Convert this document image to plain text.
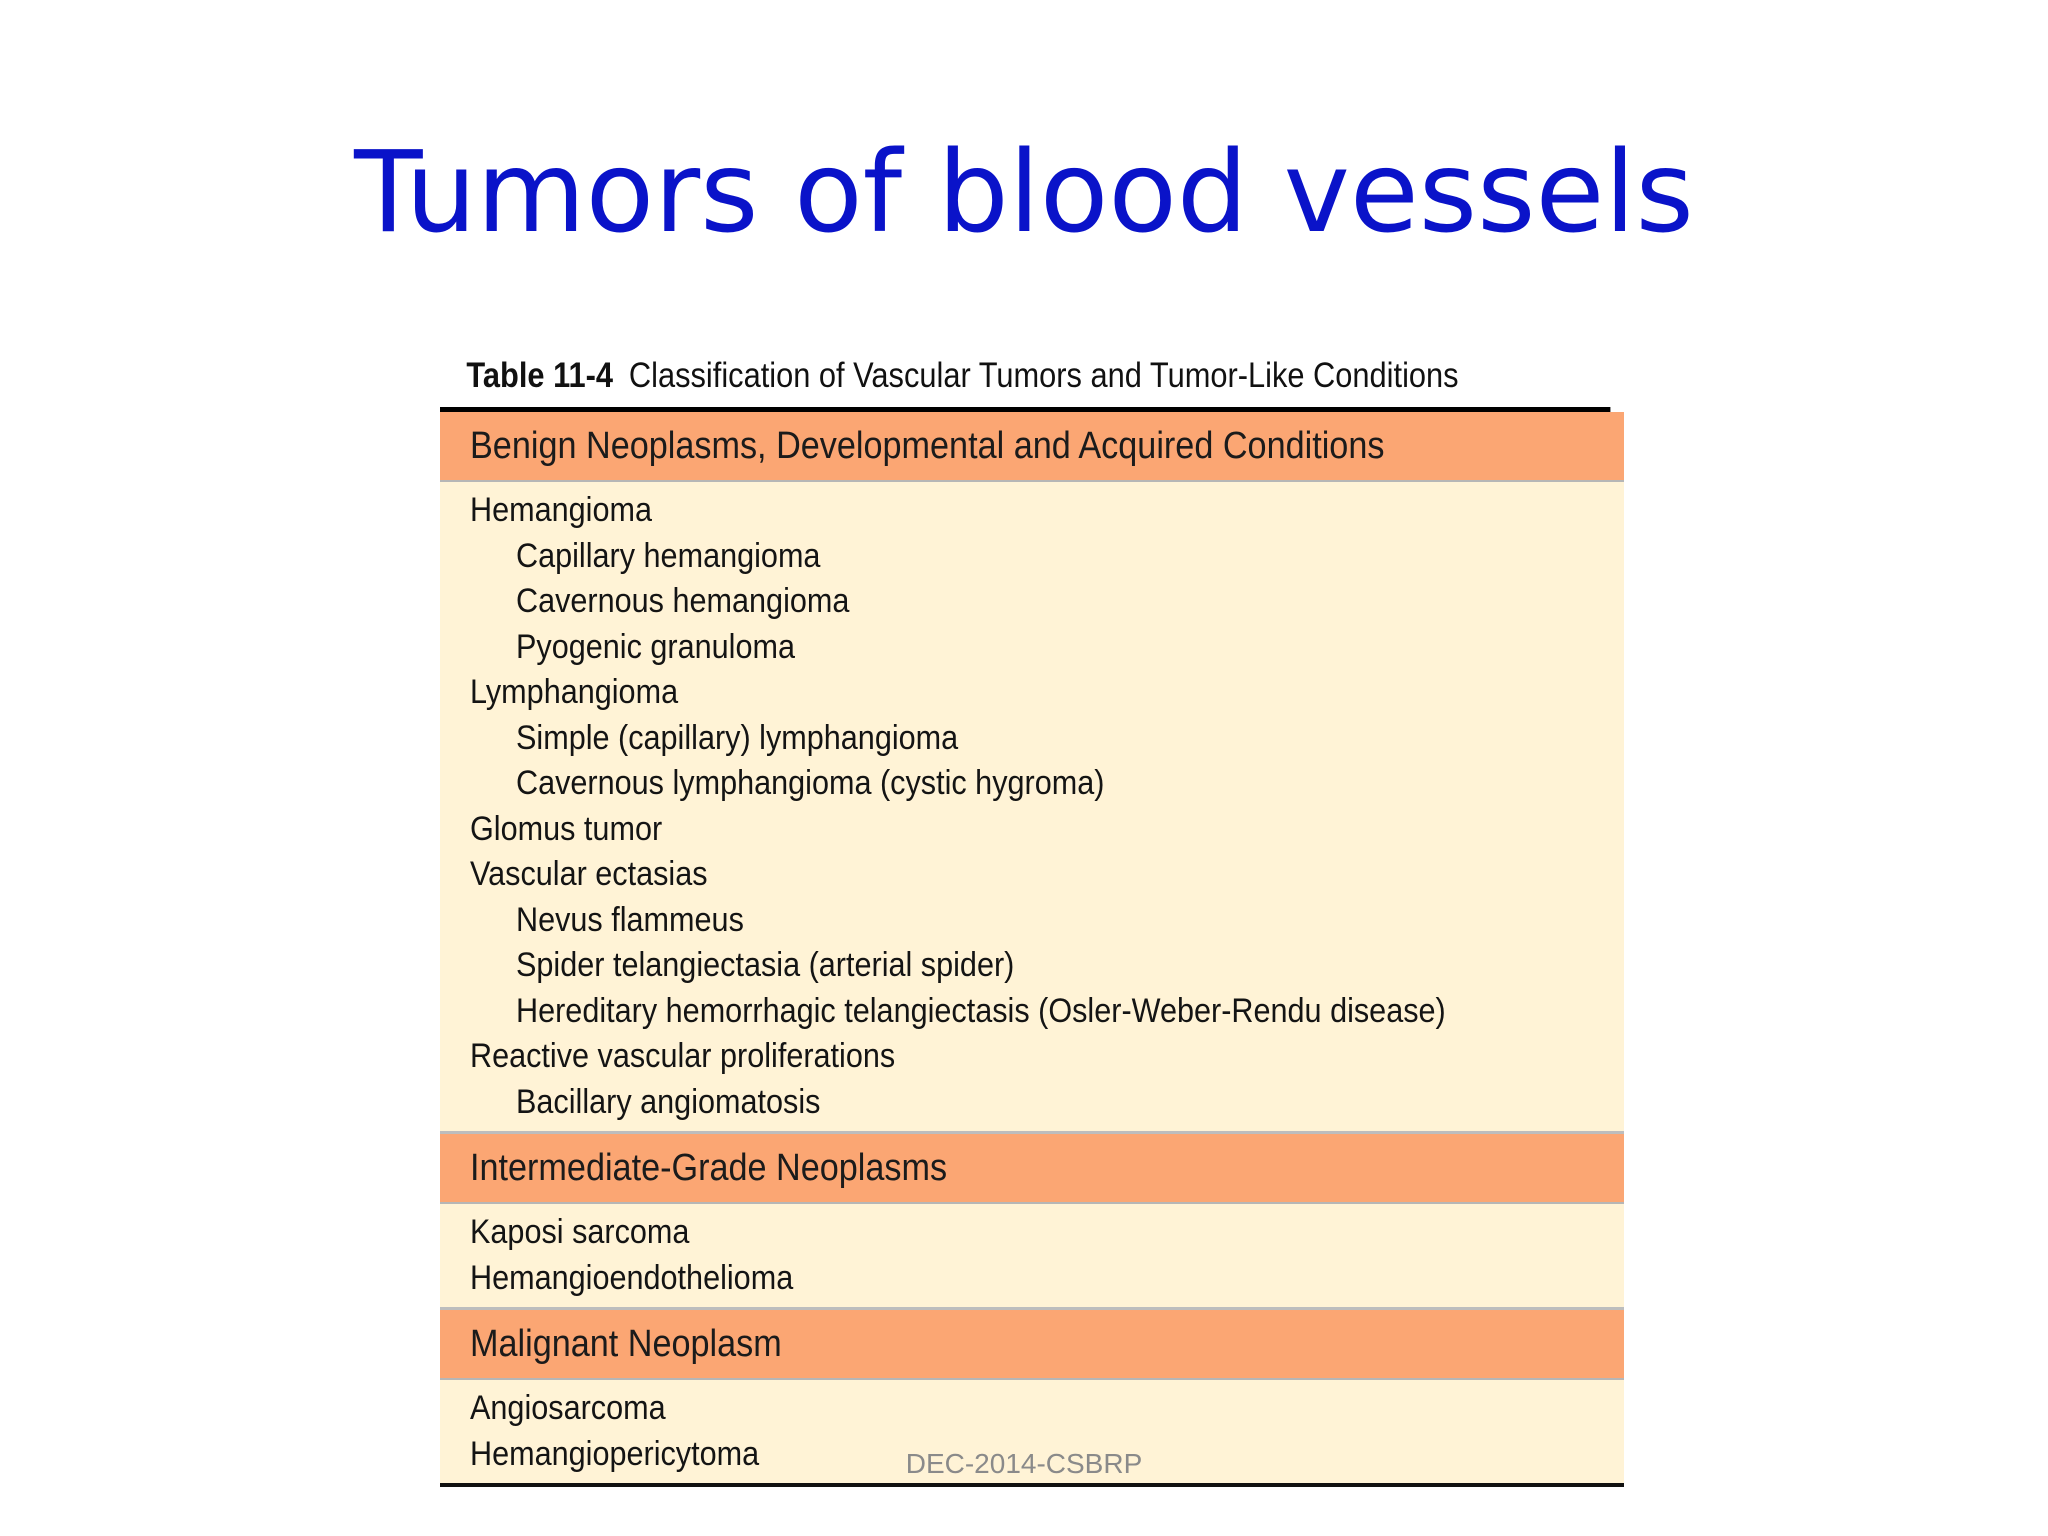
Tumors of blood vessels
Table 11-4 Classification of Vascular Tumors and Tumor-Like Conditions
Benign Neoplasms, Developmental and Acquired Conditions
Hemangioma
Capillary hemangioma
Cavernous hemangioma
Pyogenic granuloma
Lymphangioma
Simple (capillary) lymphangioma
Cavernous lymphangioma (cystic hygroma)
Glomus tumor
Vascular ectasias
Nevus flammeus
Spider telangiectasia (arterial spider)
Hereditary hemorrhagic telangiectasis (Osler-Weber-Rendu disease)
Reactive vascular proliferations
Bacillary angiomatosis
Intermediate-Grade Neoplasms
Kaposi sarcoma
Hemangioendothelioma
Malignant Neoplasm
Angiosarcoma
Hemangiopericytoma	DEC-2014-CSBRP
